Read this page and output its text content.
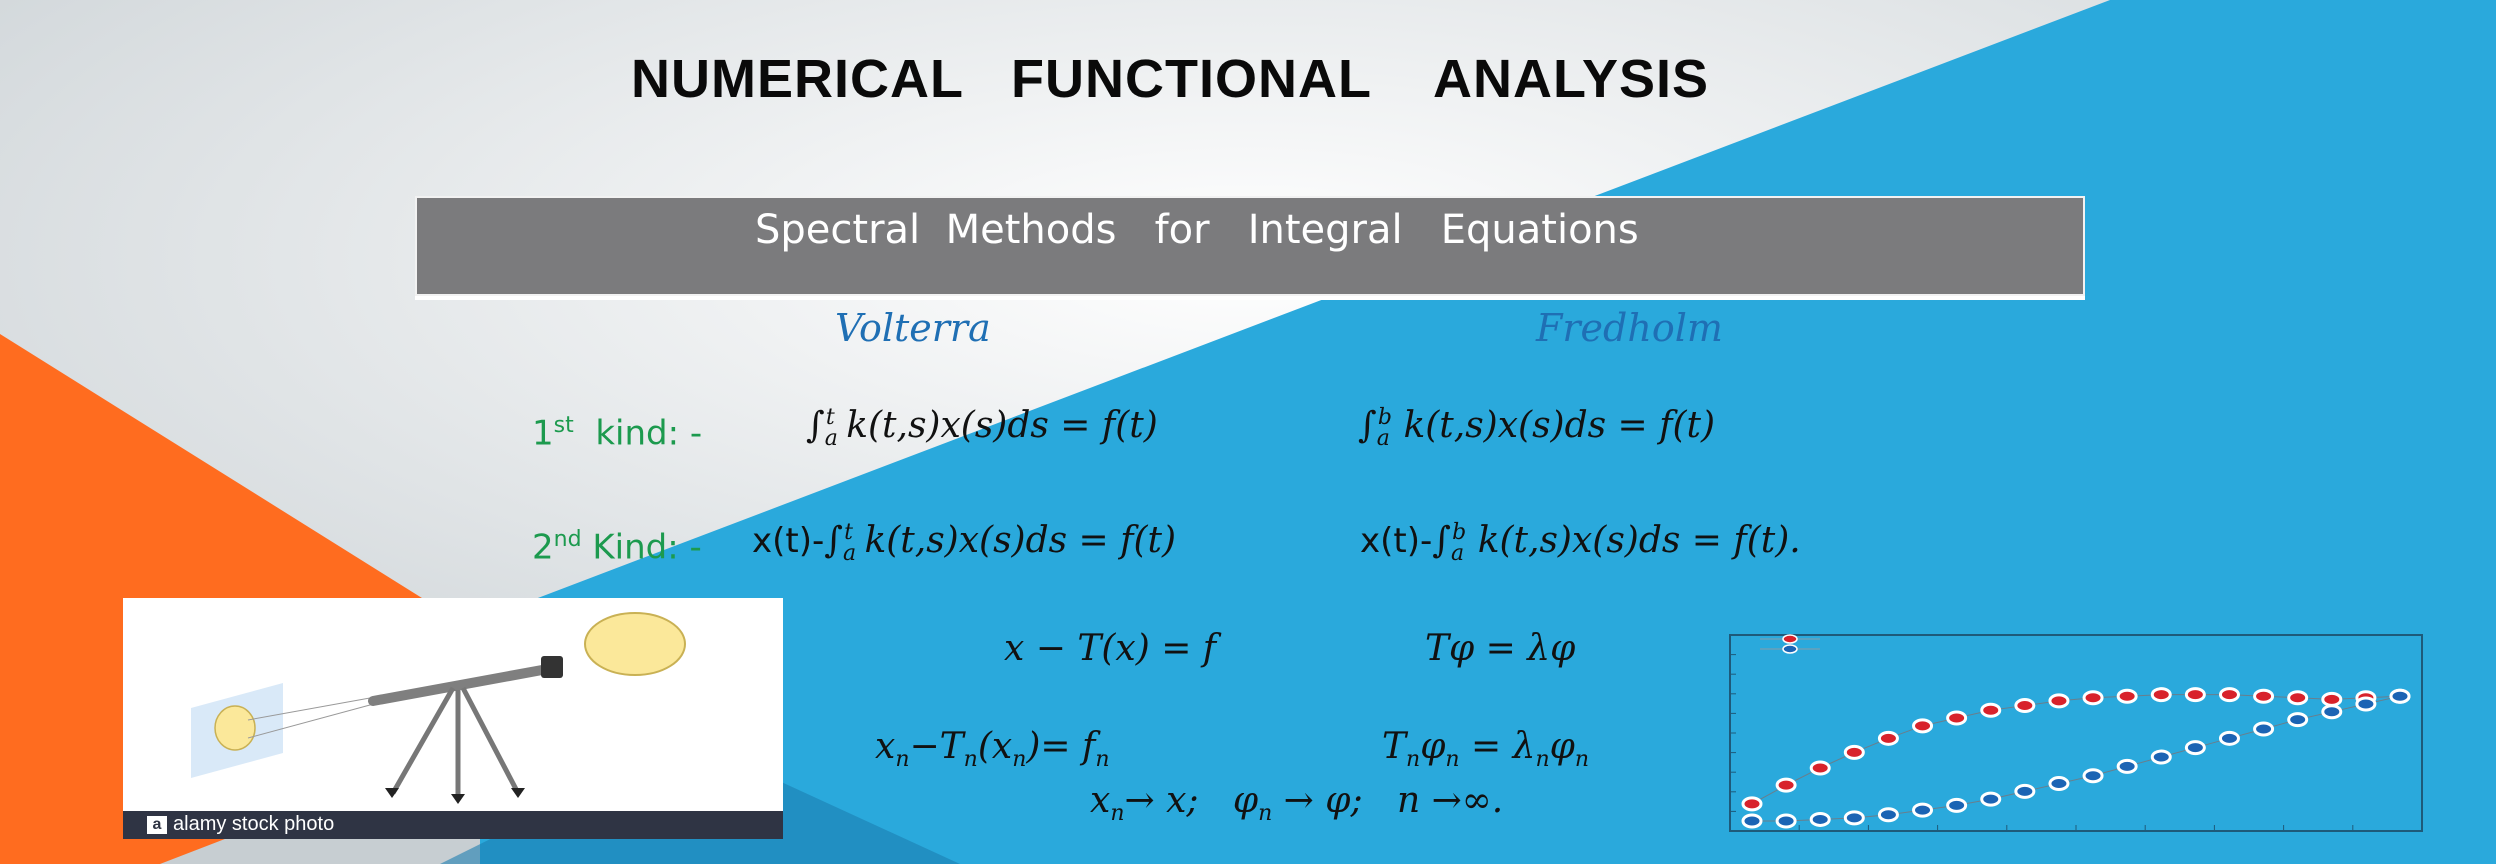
NUMERICAL   FUNCTIONAL    ANALYSIS
Spectral  Methods   for   Integral   Equations
Volterra	Fredholm
1st  kind: -	$\int_a^t$ k(t,s)x(s)ds = f(t)	$\int_a^b$ k(t,s)x(s)ds = f(t)
2nd Kind: - $x(t)-\int_a^t$ k(t,s)x(s)ds = f(t)	$x(t)-\int_a^b$ k(t,s)x(s)ds = f(t).
x − T(x) = f	Tφ = λφ
$x_n-T_n(x_n)= f_n$	$T_n\varphi_n = \lambda_n\varphi_n$
$x_n\to x$;   $\varphi_n \to \varphi$;   n →∞.
a alamy stock photo
